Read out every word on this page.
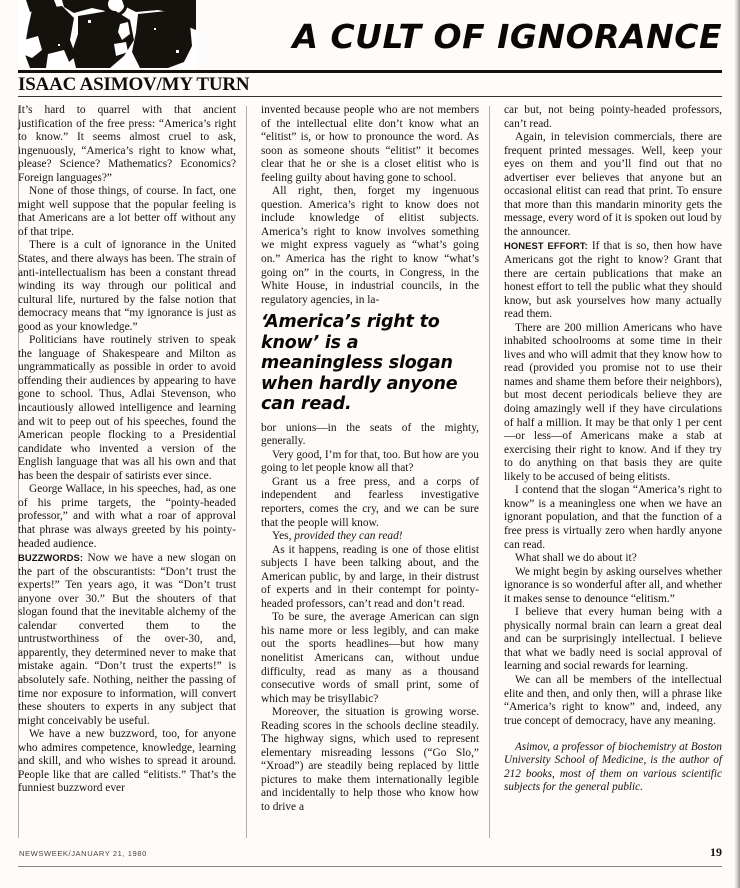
A CULT OF IGNORANCE
ISAAC ASIMOV/MY TURN

It’s hard to quarrel with that ancient justification of the free press: “America’s right to know.” It seems almost cruel to ask, ingenuously, “America’s right to know what, please? Science? Mathematics? Economics? Foreign languages?”

None of those things, of course. In fact, one might well suppose that the popular feeling is that Americans are a lot better off without any of that tripe.

There is a cult of ignorance in the United States, and there always has been. The strain of anti-intellectualism has been a constant thread winding its way through our political and cultural life, nurtured by the false notion that democracy means that “my ignorance is just as good as your knowledge.”

Politicians have routinely striven to speak the language of Shakespeare and Milton as ungrammatically as possible in order to avoid offending their audiences by appearing to have gone to school. Thus, Adlai Stevenson, who incautiously allowed intelligence and learning and wit to peep out of his speeches, found the American people flocking to a Presidential candidate who invented a version of the English language that was all his own and that has been the despair of satirists ever since.

George Wallace, in his speeches, had, as one of his prime targets, the “pointy-headed professor,” and with what a roar of approval that phrase was always greeted by his pointy-headed audience.

BUZZWORDS: Now we have a new slogan on the part of the obscurantists: “Don’t trust the experts!” Ten years ago, it was “Don’t trust anyone over 30.” But the shouters of that slogan found that the inevitable alchemy of the calendar converted them to the untrustworthiness of the over-30, and, apparently, they determined never to make that mistake again. “Don’t trust the experts!” is absolutely safe. Nothing, neither the passing of time nor exposure to information, will convert these shouters to experts in any subject that might conceivably be useful.

We have a new buzzword, too, for anyone who admires competence, knowledge, learning and skill, and who wishes to spread it around. People like that are called “elitists.” That’s the funniest buzzword ever

invented because people who are not members of the intellectual elite don’t know what an “elitist” is, or how to pronounce the word. As soon as someone shouts “elitist” it becomes clear that he or she is a closet elitist who is feeling guilty about having gone to school.

All right, then, forget my ingenuous question. America’s right to know does not include knowledge of elitist subjects. America’s right to know involves something we might express vaguely as “what’s going on.” America has the right to know “what’s going on” in the courts, in Congress, in the White House, in industrial councils, in the regulatory agencies, in la-

‘America’s right to know’ is a meaningless slogan when hardly anyone can read.

bor unions—in the seats of the mighty, generally.

Very good, I’m for that, too. But how are you going to let people know all that?

Grant us a free press, and a corps of independent and fearless investigative reporters, comes the cry, and we can be sure that the people will know.

Yes, provided they can read!

As it happens, reading is one of those elitist subjects I have been talking about, and the American public, by and large, in their distrust of experts and in their contempt for pointy-headed professors, can’t read and don’t read.

To be sure, the average American can sign his name more or less legibly, and can make out the sports headlines—but how many nonelitist Americans can, without undue difficulty, read as many as a thousand consecutive words of small print, some of which may be trisyllabic?

Moreover, the situation is growing worse. Reading scores in the schools decline steadily. The highway signs, which used to represent elementary misreading lessons (“Go Slo,” “Xroad”) are steadily being replaced by little pictures to make them internationally legible and incidentally to help those who know how to drive a

car but, not being pointy-headed professors, can’t read.

Again, in television commercials, there are frequent printed messages. Well, keep your eyes on them and you’ll find out that no advertiser ever believes that anyone but an occasional elitist can read that print. To ensure that more than this mandarin minority gets the message, every word of it is spoken out loud by the announcer.

HONEST EFFORT: If that is so, then how have Americans got the right to know? Grant that there are certain publications that make an honest effort to tell the public what they should know, but ask yourselves how many actually read them.

There are 200 million Americans who have inhabited schoolrooms at some time in their lives and who will admit that they know how to read (provided you promise not to use their names and shame them before their neighbors), but most decent periodicals believe they are doing amazingly well if they have circulations of half a million. It may be that only 1 per cent—or less—of Americans make a stab at exercising their right to know. And if they try to do anything on that basis they are quite likely to be accused of being elitists.

I contend that the slogan “America’s right to know” is a meaningless one when we have an ignorant population, and that the function of a free press is virtually zero when hardly anyone can read.

What shall we do about it?

We might begin by asking ourselves whether ignorance is so wonderful after all, and whether it makes sense to denounce “elitism.”

I believe that every human being with a physically normal brain can learn a great deal and can be surprisingly intellectual. I believe that what we badly need is social approval of learning and social rewards for learning.

We can all be members of the intellectual elite and then, and only then, will a phrase like “America’s right to know” and, indeed, any true concept of democracy, have any meaning.

Asimov, a professor of biochemistry at Boston University School of Medicine, is the author of 212 books, most of them on various scientific subjects for the general public.
NEWSWEEK/JANUARY 21, 1980	19
